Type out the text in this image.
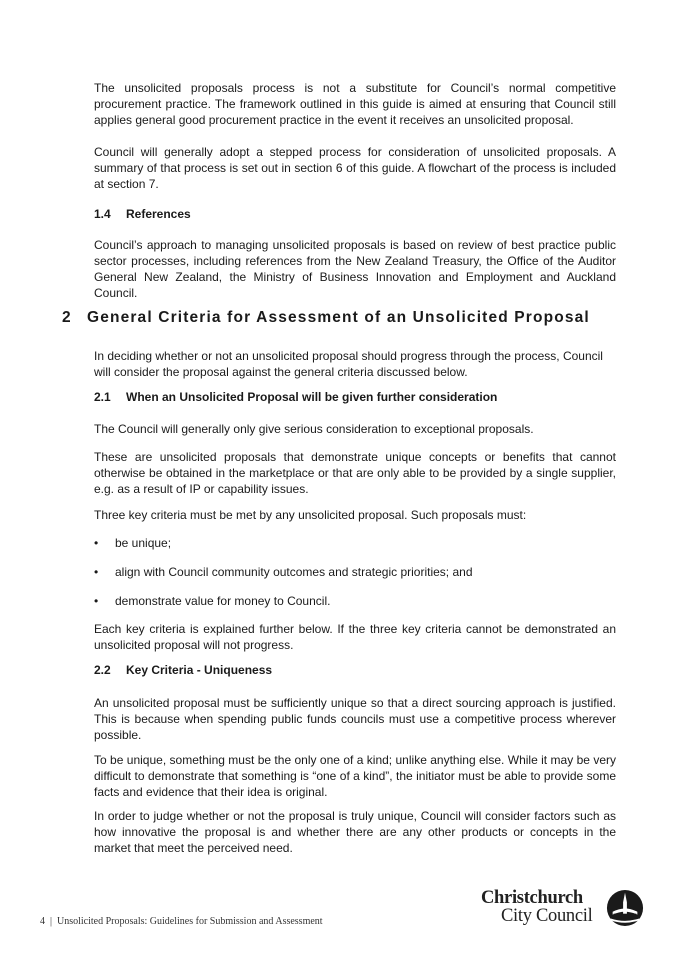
The unsolicited proposals process is not a substitute for Council’s normal competitive procurement practice. The framework outlined in this guide is aimed at ensuring that Council still applies general good procurement practice in the event it receives an unsolicited proposal.
Council will generally adopt a stepped process for consideration of unsolicited proposals. A summary of that process is set out in section 6 of this guide. A flowchart of the process is included at section 7.
1.4 References
Council’s approach to managing unsolicited proposals is based on review of best practice public sector processes, including references from the New Zealand Treasury, the Office of the Auditor General New Zealand, the Ministry of Business Innovation and Employment and Auckland Council.
2 General Criteria for Assessment of an Unsolicited Proposal
In deciding whether or not an unsolicited proposal should progress through the process, Council will consider the proposal against the general criteria discussed below.
2.1 When an Unsolicited Proposal will be given further consideration
The Council will generally only give serious consideration to exceptional proposals.
These are unsolicited proposals that demonstrate unique concepts or benefits that cannot otherwise be obtained in the marketplace or that are only able to be provided by a single supplier, e.g. as a result of IP or capability issues.
Three key criteria must be met by any unsolicited proposal. Such proposals must:
• be unique;
• align with Council community outcomes and strategic priorities; and
• demonstrate value for money to Council.
Each key criteria is explained further below. If the three key criteria cannot be demonstrated an unsolicited proposal will not progress.
2.2 Key Criteria - Uniqueness
An unsolicited proposal must be sufficiently unique so that a direct sourcing approach is justified. This is because when spending public funds councils must use a competitive process wherever possible.
To be unique, something must be the only one of a kind; unlike anything else. While it may be very difficult to demonstrate that something is “one of a kind”, the initiator must be able to provide some facts and evidence that their idea is original.
In order to judge whether or not the proposal is truly unique, Council will consider factors such as how innovative the proposal is and whether there are any other products or concepts in the market that meet the perceived need.
4 | Unsolicited Proposals: Guidelines for Submission and Assessment
Christchurch
City Council
